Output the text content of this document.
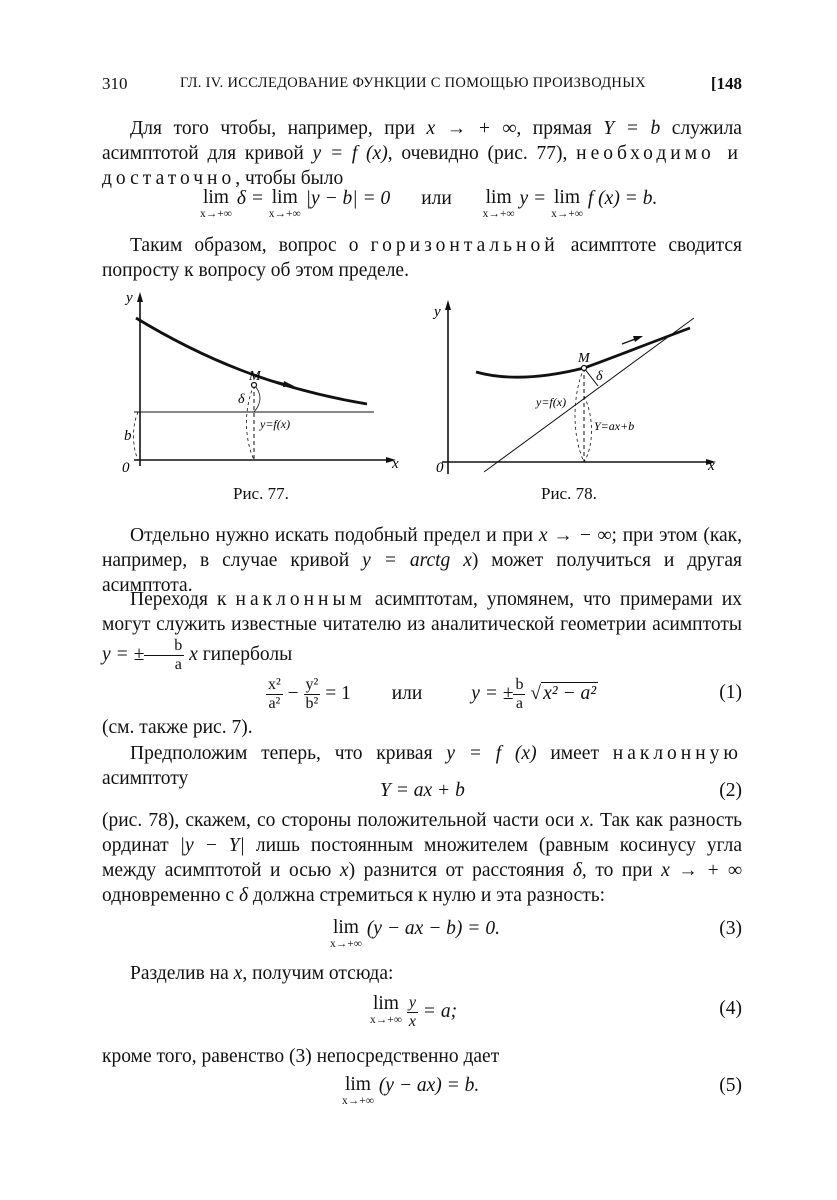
310	ГЛ. IV. ИССЛЕДОВАНИЕ ФУНКЦИИ С ПОМОЩЬЮ ПРОИЗВОДНЫХ	[148
Для того чтобы, например, при x → + ∞, прямая Y = b служила асимптотой для кривой y = f (x), очевидно (рис. 77), необходимо и достаточно, чтобы было
lim
x→+∞
δ = lim
x→+∞
|y − b| = 0 или lim
x→+∞
y = lim
x→+∞
f (x) = b.
Таким образом, вопрос о горизонтальной асимптоте сводится попросту к вопросу об этом пределе.
y
x
0
b
M
δ
y=f(x)
Рис. 77.
y
x
0
M
δ
y=f(x)
Y=ax+b
Рис. 78.
Отдельно нужно искать подобный предел и при x → − ∞; при этом (как, например, в случае кривой y = arctg x) может получиться и другая асимптота.
Переходя к наклонным асимптотам, упомянем, что примерами их могут служить известные читателю из аналитической геометрии асимптоты y = ± $\frac{b}{a}$ x гиперболы
$\frac{\text{x²}}{\text{a²}} - \frac{\text{y²}}{\text{b²}} = 1$ или	y = ± $\frac{b}{a}$ √ x² − a²	(1)
(см. также рис. 7).
Предположим теперь, что кривая y = f (x) имеет наклонную асимптоту
Y = ax + b	(2)
(рис. 78), скажем, со стороны положительной части оси x. Так как разность ординат |y − Y| лишь постоянным множителем (равным косинусу угла между асимптотой и осью x) разнится от расстояния δ, то при x → + ∞ одновременно с δ должна стремиться к нулю и эта разность:
lim
x→+∞
(y − ax − b) = 0.	(3)
Разделив на x, получим отсюда:
lim
x→+∞
$\frac{y}{x} = a$;	(4)
кроме того, равенство (3) непосредственно дает
lim
x→+∞
(y − ax) = b.	(5)
